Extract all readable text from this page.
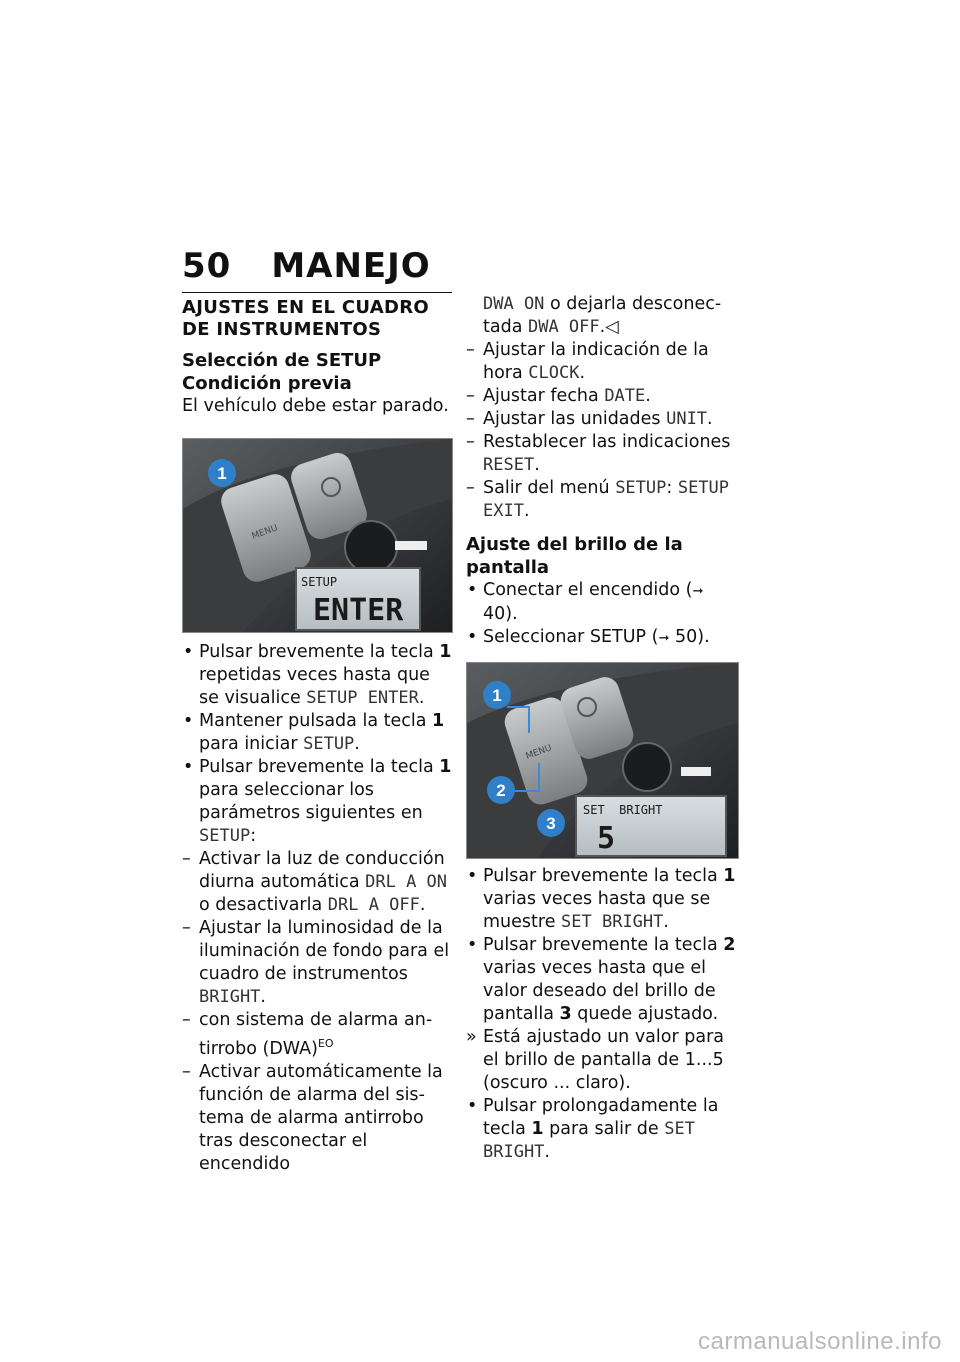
50 MANEJO
AJUSTES EN EL CUADRO DE INSTRUMENTOS
Selección de SETUP
Condición previa
El vehículo debe estar parado.
MENU
1
SETUP
ENTER
• Pulsar brevemente la tecla 1 repetidas veces hasta que se visualice SETUP ENTER.
• Mantener pulsada la tecla 1 para iniciar SETUP.
• Pulsar brevemente la tecla 1 para seleccionar los parámetros siguientes en SETUP:
– Activar la luz de conducción diurna automática DRL A ON o desactivarla DRL A OFF.
– Ajustar la luminosidad de la iluminación de fondo para el cuadro de instrumentos BRIGHT.
– con sistema de alarma antirrobo (DWA)$^{EO}$
– Activar automáticamente la función de alarma del sistema de alarma antirrobo tras desconectar el encendido
DWA ON o dejarla desconectada DWA OFF.◁
– Ajustar la indicación de la hora CLOCK.
– Ajustar fecha DATE.
– Ajustar las unidades UNIT.
– Restablecer las indicaciones RESET.
– Salir del menú SETUP: SETUP EXIT.
Ajuste del brillo de la pantalla
• Conectar el encendido (➞ 40).
• Seleccionar SETUP (➞ 50).
MENU
1
2
3
SET  BRIGHT
5
• Pulsar brevemente la tecla 1 varias veces hasta que se muestre SET BRIGHT.
• Pulsar brevemente la tecla 2 varias veces hasta que el valor deseado del brillo de pantalla 3 quede ajustado.
» Está ajustado un valor para el brillo de pantalla de 1...5 (oscuro ... claro).
• Pulsar prolongadamente la tecla 1 para salir de SET BRIGHT.
carmanualsonline.info
